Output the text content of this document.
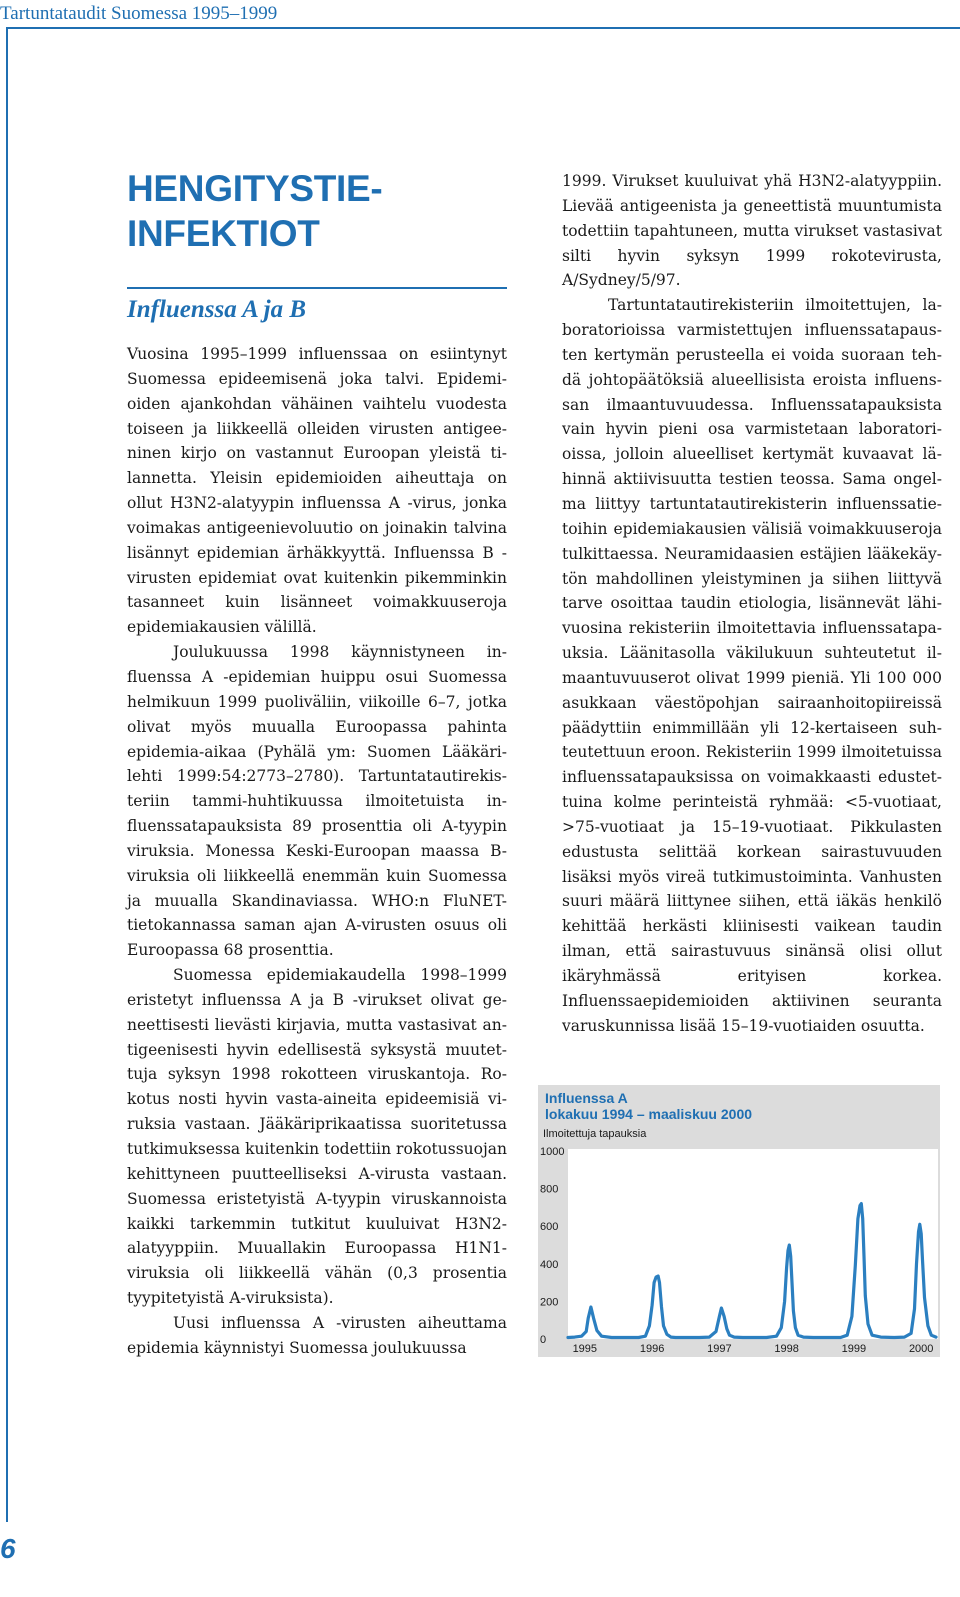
Tartuntataudit Suomessa 1995–1999
HENGITYSTIE-
INFEKTIOT
Influenssa A ja B

Vuosina 1995–1999 influenssaa on esiintynyt Suomessa epideemisenä joka talvi. Epidemioiden ajankohdan vähäinen vaihtelu vuodesta toiseen ja liikkeellä olleiden virusten antigeeninen kirjo on vastannut Euroopan yleistä tilannetta. Yleisin epidemioiden aiheuttaja on ollut H3N2-alatyypin influenssa A -virus, jonka voimakas antigeenievoluutio on joinakin talvina lisännyt epidemian ärhäkkyyttä. Influenssa B -virusten epidemiat ovat kuitenkin pikemminkin tasanneet kuin lisänneet voimakkuuseroja epidemiakausien välillä.

Joulukuussa 1998 käynnistyneen influenssa A -epidemian huippu osui Suomessa helmikuun 1999 puoliväliin, viikoille 6–7, jotka olivat myös muualla Euroopassa pahinta epidemia-aikaa (Pyhälä ym: Suomen Lääkärilehti 1999:54:2773–2780). Tartuntatautirekisteriin tammi-huhtikuussa ilmoitetuista influenssatapauksista 89 prosenttia oli A-tyypin viruksia. Monessa Keski-Euroopan maassa B-viruksia oli liikkeellä enemmän kuin Suomessa ja muualla Skandinaviassa. WHO:n FluNET-tietokannassa saman ajan A-virusten osuus oli Euroopassa 68 prosenttia.

Suomessa epidemiakaudella 1998–1999 eristetyt influenssa A ja B -virukset olivat geneettisesti lievästi kirjavia, mutta vastasivat antigeenisesti hyvin edellisestä syksystä muutettuja syksyn 1998 rokotteen viruskantoja. Rokotus nosti hyvin vasta-aineita epideemisiä viruksia vastaan. Jääkäriprikaatissa suoritetussa tutkimuksessa kuitenkin todettiin rokotussuojan kehittyneen puutteelliseksi A-virusta vastaan. Suomessa eristetyistä A-tyypin viruskannoista kaikki tarkemmin tutkitut kuuluivat H3N2-alatyyppiin. Muuallakin Euroopassa H1N1-viruksia oli liikkeellä vähän (0,3 prosentia tyypitetyistä A-viruksista).

Uusi influenssa A -virusten aiheuttama epidemia käynnistyi Suomessa joulukuussa

1999. Virukset kuuluivat yhä H3N2-alatyyppiin. Lievää antigeenista ja geneettistä muuntumista todettiin tapahtuneen, mutta virukset vastasivat silti hyvin syksyn 1999 rokotevirusta, A/Sydney/5/97.

Tartuntatautirekisteriin ilmoitettujen, laboratorioissa varmistettujen influenssatapausten kertymän perusteella ei voida suoraan tehdä johtopäätöksiä alueellisista eroista influenssan ilmaantuvuudessa. Influenssatapauksista vain hyvin pieni osa varmistetaan laboratorioissa, jolloin alueelliset kertymät kuvaavat lähinnä aktiivisuutta testien teossa. Sama ongelma liittyy tartuntatautirekisterin influenssatietoihin epidemiakausien välisiä voimakkuuseroja tulkittaessa. Neuramidaasien estäjien lääkekäytön mahdollinen yleistyminen ja siihen liittyvä tarve osoittaa taudin etiologia, lisännevät lähivuosina rekisteriin ilmoitettavia influenssatapauksia. Läänitasolla väkilukuun suhteutetut ilmaantuvuuserot olivat 1999 pieniä. Yli 100 000 asukkaan väestöpohjan sairaanhoitopiireissä päädyttiin enimmillään yli 12-kertaiseen suhteutettuun eroon. Rekisteriin 1999 ilmoitetuissa influenssatapauksissa on voimakkaasti edustettuina kolme perinteistä ryhmää: <5-vuotiaat, >75-vuotiaat ja 15–19-vuotiaat. Pikkulasten edustusta selittää korkean sairastuvuuden lisäksi myös vireä tutkimustoiminta. Vanhusten suuri määrä liittynee siihen, että iäkäs henkilö kehittää herkästi kliinisesti vaikean taudin ilman, että sairastuvuus sinänsä olisi ollut ikäryhmässä erityisen korkea. Influenssaepidemioiden aktiivinen seuranta varuskunnissa lisää 15–19-vuotiaiden osuutta.

Influenssa A
lokakuu 1994 – maaliskuu 2000
Ilmoitettuja tapauksia
0
200
400
600
800
1000
1995	1996	1997	1998	1999	2000
6
